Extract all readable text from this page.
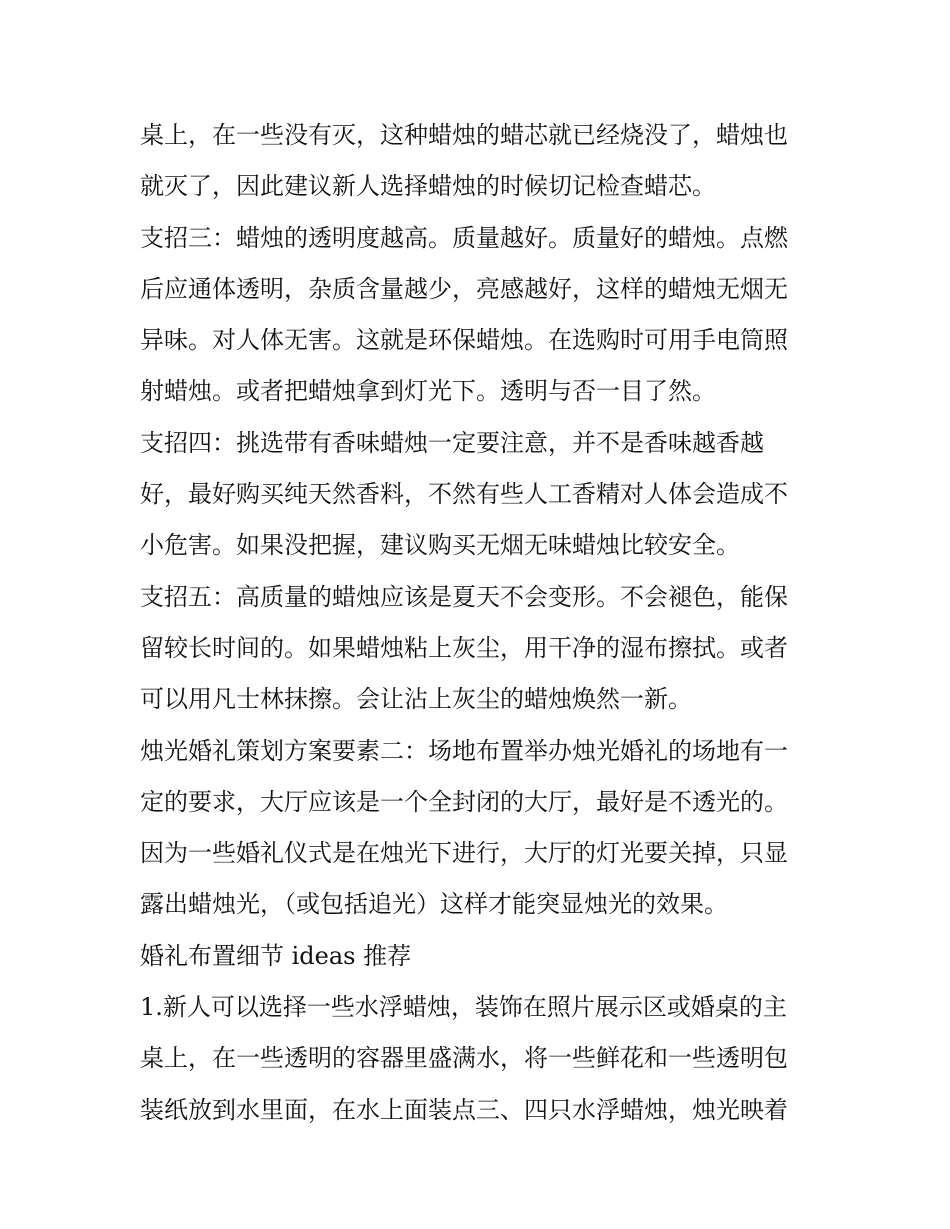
桌上，在一些没有灭，这种蜡烛的蜡芯就已经烧没了，蜡烛也
就灭了，因此建议新人选择蜡烛的时候切记检查蜡芯。
支招三：蜡烛的透明度越高。质量越好。质量好的蜡烛。点燃
后应通体透明，杂质含量越少，亮感越好，这样的蜡烛无烟无
异味。对人体无害。这就是环保蜡烛。在选购时可用手电筒照
射蜡烛。或者把蜡烛拿到灯光下。透明与否一目了然。
支招四：挑选带有香味蜡烛一定要注意，并不是香味越香越
好，最好购买纯天然香料，不然有些人工香精对人体会造成不
小危害。如果没把握，建议购买无烟无味蜡烛比较安全。
支招五：高质量的蜡烛应该是夏天不会变形。不会褪色，能保
留较长时间的。如果蜡烛粘上灰尘，用干净的湿布擦拭。或者
可以用凡士林抹擦。会让沾上灰尘的蜡烛焕然一新。
烛光婚礼策划方案要素二：场地布置举办烛光婚礼的场地有一
定的要求，大厅应该是一个全封闭的大厅，最好是不透光的。
因为一些婚礼仪式是在烛光下进行，大厅的灯光要关掉，只显
露出蜡烛光，（或包括追光）这样才能突显烛光的效果。
婚礼布置细节 ideas 推荐
1.新人可以选择一些水浮蜡烛，装饰在照片展示区或婚桌的主
桌上，在一些透明的容器里盛满水，将一些鲜花和一些透明包
装纸放到水里面，在水上面装点三、四只水浮蜡烛，烛光映着
